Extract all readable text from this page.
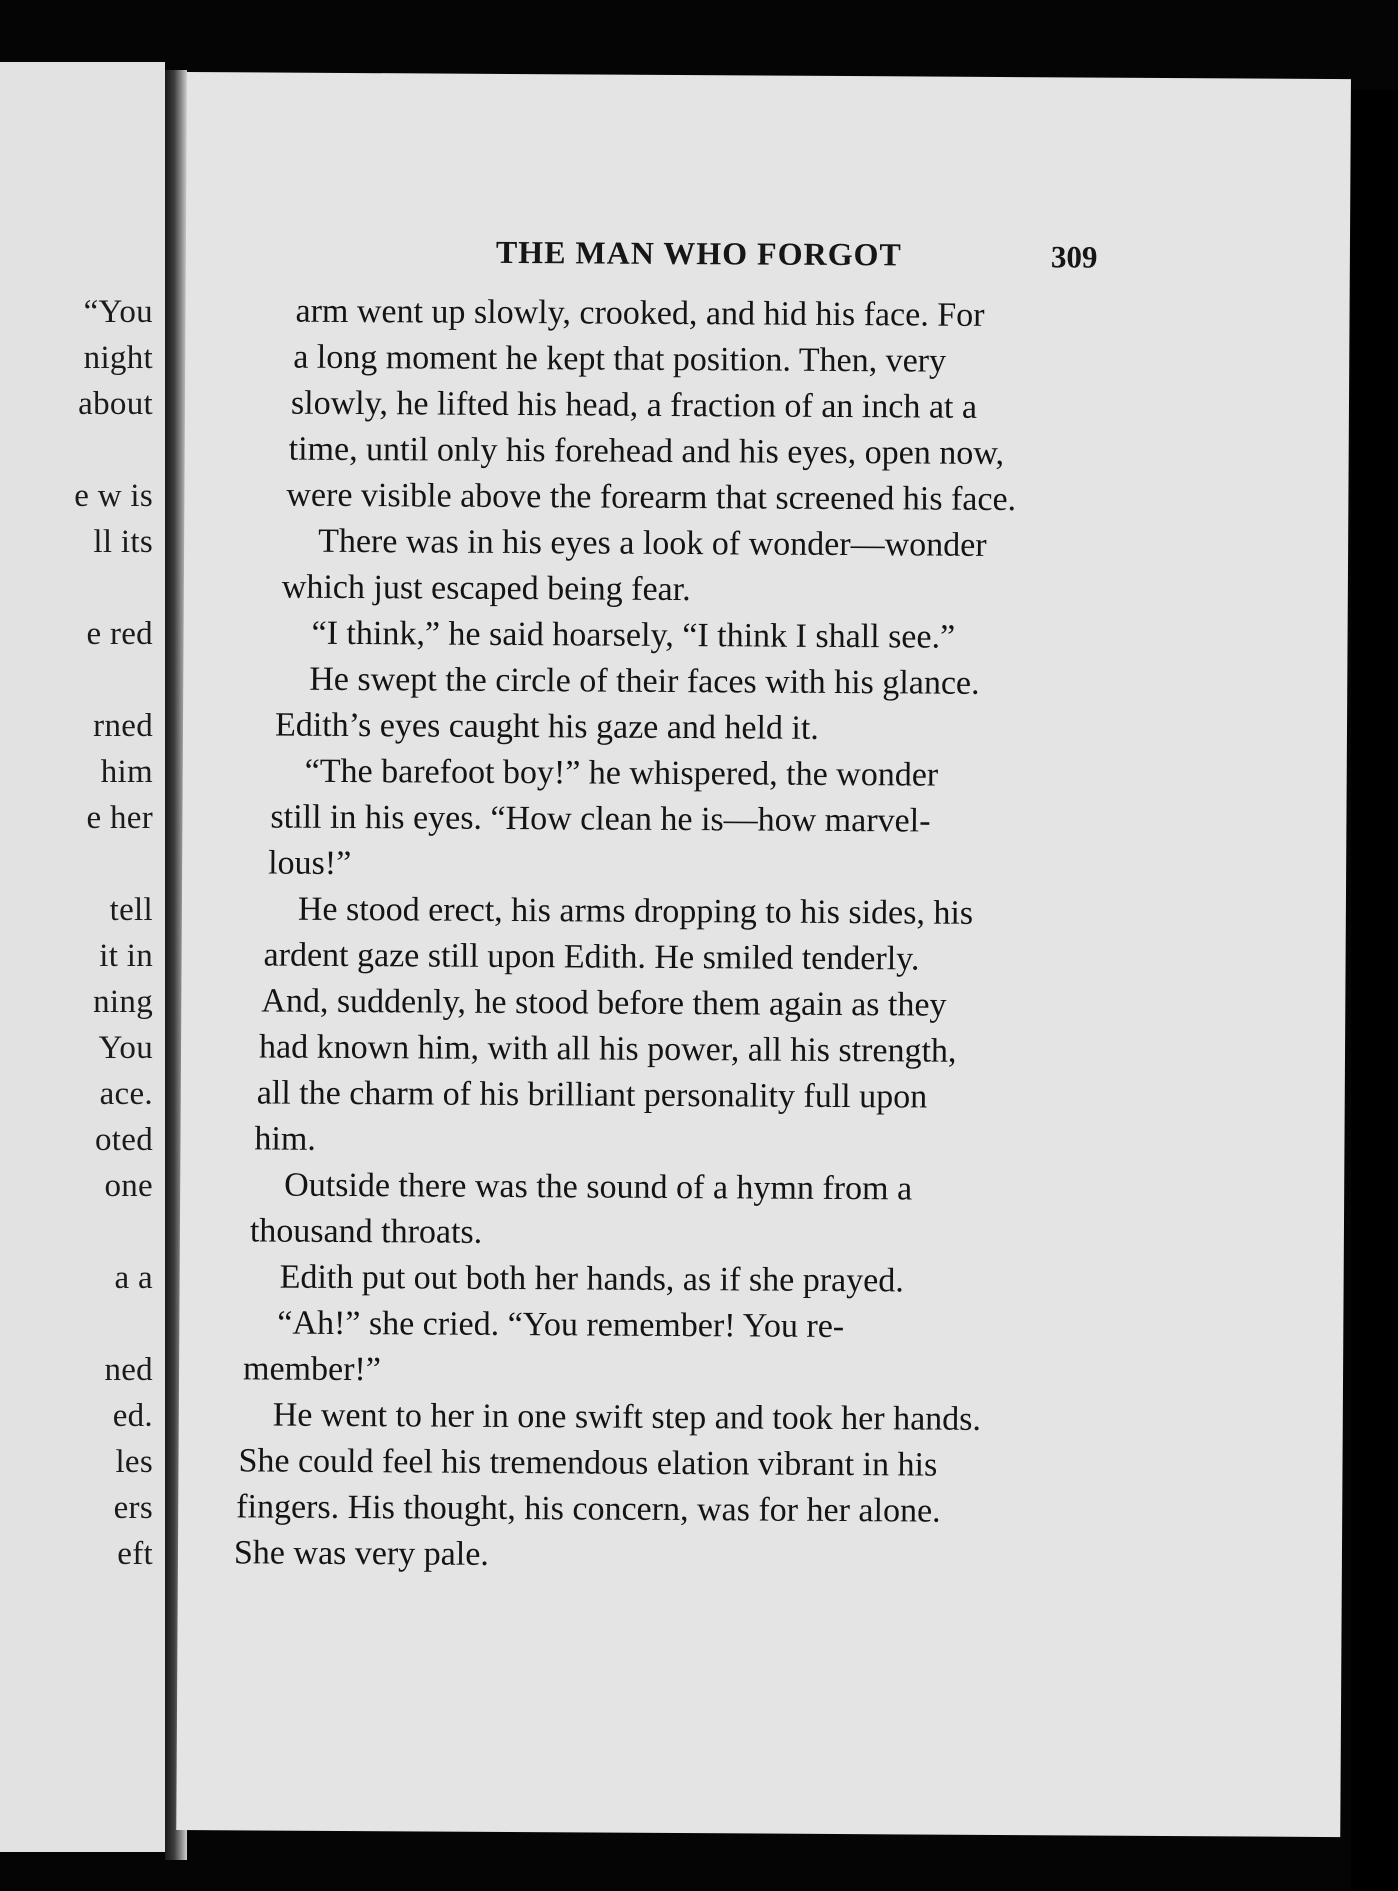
“You
night
about
e w is
ll its
e red
rned
him
e her
tell
it in
ning
You
ace.
oted
one
a a
ned
ed.
les
ers
eft
THE MAN WHO FORGOT	309
arm went up slowly, crooked, and hid his face. For
a long moment he kept that position. Then, very
slowly, he lifted his head, a fraction of an inch at a
time, until only his forehead and his eyes, open now,
were visible above the forearm that screened his face.
There was in his eyes a look of wonder—wonder
which just escaped being fear.
“I think,” he said hoarsely, “I think I shall see.”
He swept the circle of their faces with his glance.
Edith’s eyes caught his gaze and held it.
“The barefoot boy!” he whispered, the wonder
still in his eyes. “How clean he is—how marvel-
lous!”
He stood erect, his arms dropping to his sides, his
ardent gaze still upon Edith. He smiled tenderly.
And, suddenly, he stood before them again as they
had known him, with all his power, all his strength,
all the charm of his brilliant personality full upon
him.
Outside there was the sound of a hymn from a
thousand throats.
Edith put out both her hands, as if she prayed.
“Ah!” she cried. “You remember! You re-
member!”
He went to her in one swift step and took her hands.
She could feel his tremendous elation vibrant in his
fingers. His thought, his concern, was for her alone.
She was very pale.
